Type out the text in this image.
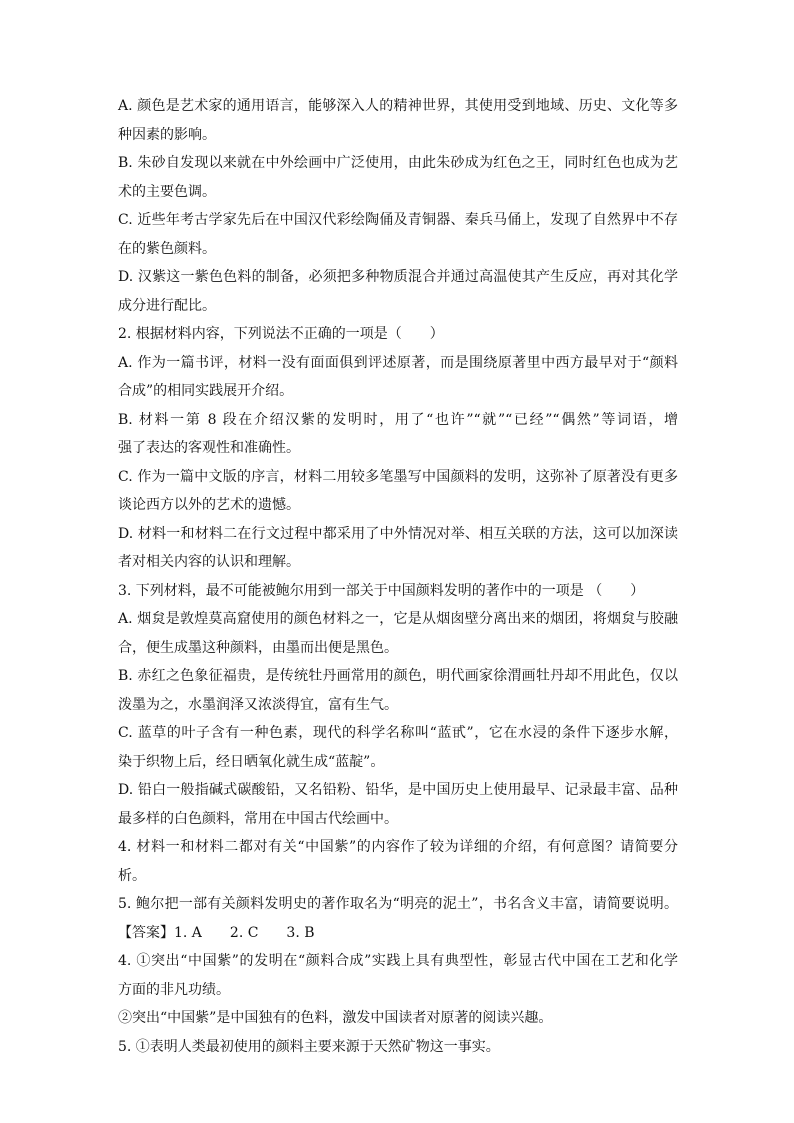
A. 颜色是艺术家的通用语言，能够深入人的精神世界，其使用受到地域、历史、文化等多
种因素的影响。
B. 朱砂自发现以来就在中外绘画中广泛使用，由此朱砂成为红色之王，同时红色也成为艺
术的主要色调。
C. 近些年考古学家先后在中国汉代彩绘陶俑及青铜器、秦兵马俑上，发现了自然界中不存
在的紫色颜料。
D. 汉紫这一紫色色料的制备，必须把多种物质混合并通过高温使其产生反应，再对其化学
成分进行配比。
2. 根据材料内容，下列说法不正确的一项是（　　）
A. 作为一篇书评，材料一没有面面俱到评述原著，而是围绕原著里中西方最早对于“颜料
合成”的相同实践展开介绍。
B. 材料一第 8 段在介绍汉紫的发明时，用了“也许”“就”“已经”“偶然”等词语，增
强了表达的客观性和准确性。
C. 作为一篇中文版的序言，材料二用较多笔墨写中国颜料的发明，这弥补了原著没有更多
谈论西方以外的艺术的遗憾。
D. 材料一和材料二在行文过程中都采用了中外情况对举、相互关联的方法，这可以加深读
者对相关内容的认识和理解。
3. 下列材料，最不可能被鲍尔用到一部关于中国颜料发明的著作中的一项是 （　　）
A. 烟炱是敦煌莫高窟使用的颜色材料之一，它是从烟囱壁分离出来的烟团，将烟炱与胶融
合，便生成墨这种颜料，由墨而出便是黑色。
B. 赤红之色象征福贵，是传统牡丹画常用的颜色，明代画家徐渭画牡丹却不用此色，仅以
泼墨为之，水墨润泽又浓淡得宜，富有生气。
C. 蓝草的叶子含有一种色素，现代的科学名称叫“蓝甙”，它在水浸的条件下逐步水解，
染于织物上后，经日晒氧化就生成“蓝靛”。
D. 铅白一般指碱式碳酸铅，又名铅粉、铅华，是中国历史上使用最早、记录最丰富、品种
最多样的白色颜料，常用在中国古代绘画中。
4. 材料一和材料二都对有关“中国紫”的内容作了较为详细的介绍，有何意图？请简要分
析。
5. 鲍尔把一部有关颜料发明史的著作取名为“明亮的泥土”，书名含义丰富，请简要说明。
【答案】1. A　　2. C　　3. B
4. ①突出“中国紫”的发明在“颜料合成”实践上具有典型性，彰显古代中国在工艺和化学
方面的非凡功绩。
②突出“中国紫”是中国独有的色料，激发中国读者对原著的阅读兴趣。
5. ①表明人类最初使用的颜料主要来源于天然矿物这一事实。
